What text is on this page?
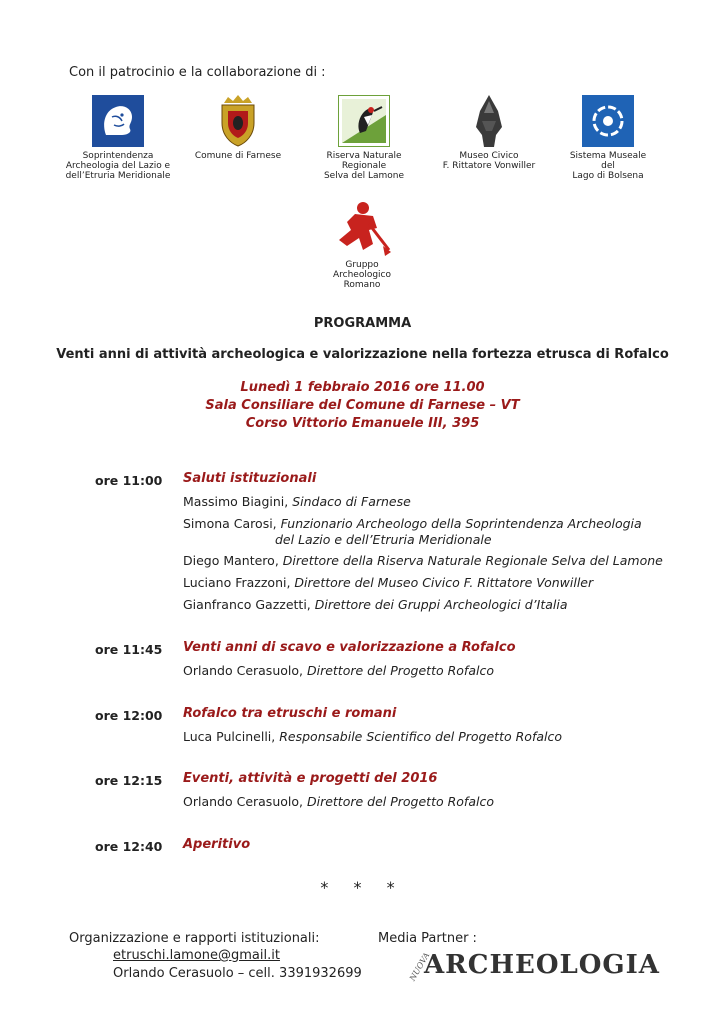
Con il patrocinio e la collaborazione di :
Soprintendenza
Archeologia del Lazio e
dell’Etruria Meridionale
Comune di Farnese	Riserva Naturale
Regionale
Selva del Lamone
Museo Civico
F. Rittatore Vonwiller
Sistema Museale
del
Lago di Bolsena
Gruppo
Archeologico
Romano
PROGRAMMA
Venti anni di attività archeologica e valorizzazione nella fortezza etrusca di Rofalco
Lunedì 1 febbraio 2016 ore 11.00
Sala Consiliare del Comune di Farnese – VT
Corso Vittorio Emanuele III, 395
ore 11:00 Saluti istituzionali
Massimo Biagini, Sindaco di Farnese
Simona Carosi, Funzionario Archeologo della Soprintendenza Archeologia
del Lazio e dell’Etruria Meridionale
Diego Mantero, Direttore della Riserva Naturale Regionale Selva del Lamone
Luciano Frazzoni, Direttore del Museo Civico F. Rittatore Vonwiller
Gianfranco Gazzetti, Direttore dei Gruppi Archeologici d’Italia
ore 11:45 Venti anni di scavo e valorizzazione a Rofalco
Orlando Cerasuolo, Direttore del Progetto Rofalco
ore 12:00 Rofalco tra etruschi e romani
Luca Pulcinelli, Responsabile Scientifico del Progetto Rofalco
ore 12:15 Eventi, attività e progetti del 2016
Orlando Cerasuolo, Direttore del Progetto Rofalco
ore 12:40 Aperitivo
* * *
Organizzazione e rapporti istituzionali:
etruschi.lamone@gmail.it
Orlando Cerasuolo – cell. 3391932699
Media Partner :
NUOVA
ARCHEOLOGIA
